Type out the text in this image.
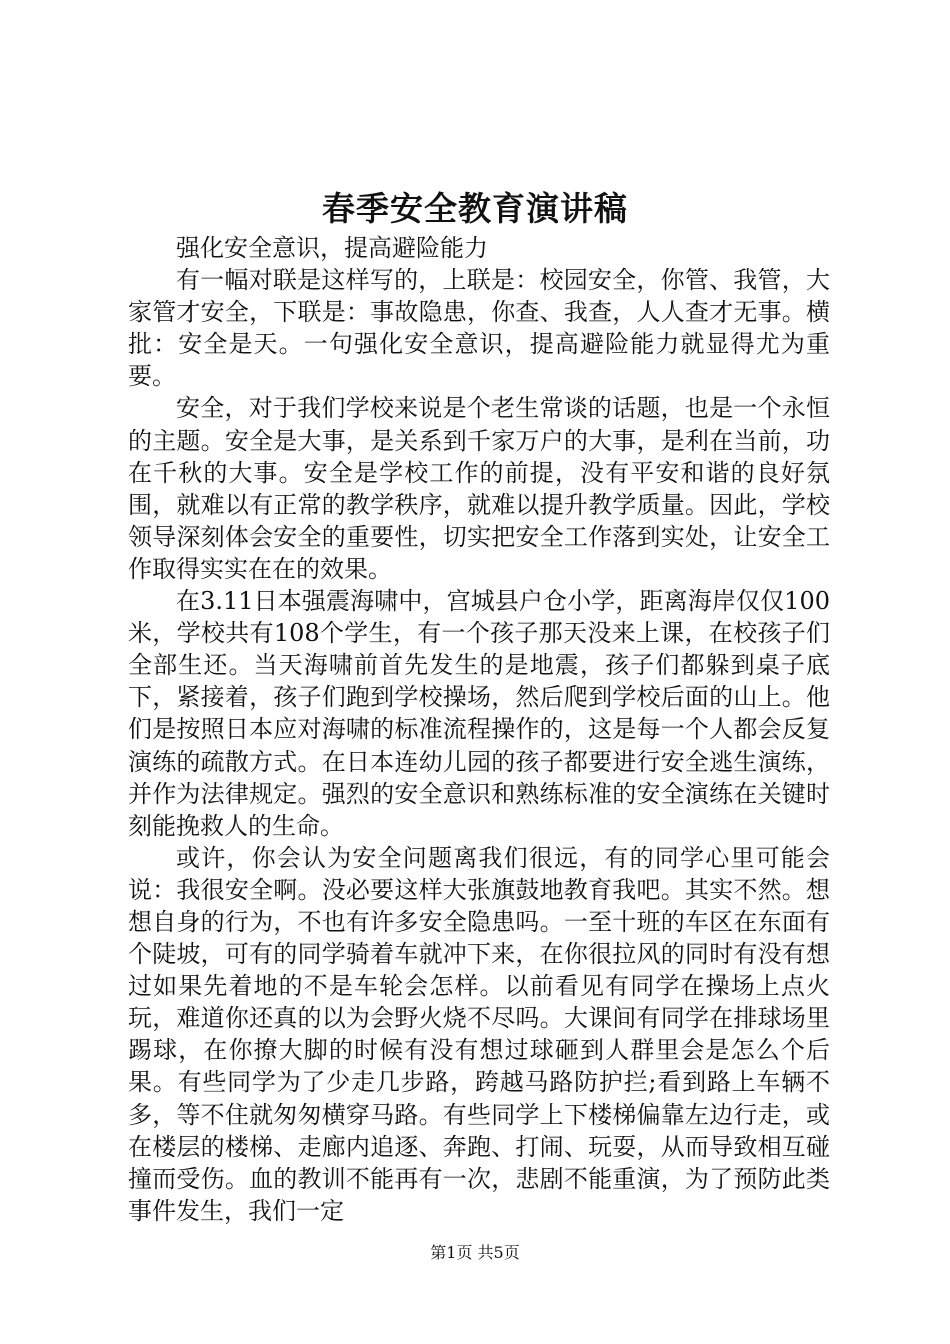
春季安全教育演讲稿

强化安全意识，提高避险能力

有一幅对联是这样写的，上联是：校园安全，你管、我管，大家管才安全，下联是：事故隐患，你查、我查，人人查才无事。横批：安全是天。一句强化安全意识，提高避险能力就显得尤为重要。

安全，对于我们学校来说是个老生常谈的话题，也是一个永恒的主题。安全是大事，是关系到千家万户的大事，是利在当前，功在千秋的大事。安全是学校工作的前提，没有平安和谐的良好氛围，就难以有正常的教学秩序，就难以提升教学质量。因此，学校领导深刻体会安全的重要性，切实把安全工作落到实处，让安全工作取得实实在在的效果。

在3.11日本强震海啸中，宫城县户仓小学，距离海岸仅仅100米，学校共有108个学生，有一个孩子那天没来上课，在校孩子们全部生还。当天海啸前首先发生的是地震，孩子们都躲到桌子底下，紧接着，孩子们跑到学校操场，然后爬到学校后面的山上。他们是按照日本应对海啸的标准流程操作的，这是每一个人都会反复演练的疏散方式。在日本连幼儿园的孩子都要进行安全逃生演练，并作为法律规定。强烈的安全意识和熟练标准的安全演练在关键时刻能挽救人的生命。

或许，你会认为安全问题离我们很远，有的同学心里可能会说：我很安全啊。没必要这样大张旗鼓地教育我吧。其实不然。想想自身的行为，不也有许多安全隐患吗。一至十班的车区在东面有个陡坡，可有的同学骑着车就冲下来，在你很拉风的同时有没有想过如果先着地的不是车轮会怎样。以前看见有同学在操场上点火玩，难道你还真的以为会野火烧不尽吗。大课间有同学在排球场里踢球，在你撩大脚的时候有没有想过球砸到人群里会是怎么个后果。有些同学为了少走几步路，跨越马路防护拦;看到路上车辆不多，等不住就匆匆横穿马路。有些同学上下楼梯偏靠左边行走，或在楼层的楼梯、走廊内追逐、奔跑、打闹、玩耍，从而导致相互碰撞而受伤。血的教训不能再有一次，悲剧不能重演，为了预防此类事件发生，我们一定

第1页 共5页
